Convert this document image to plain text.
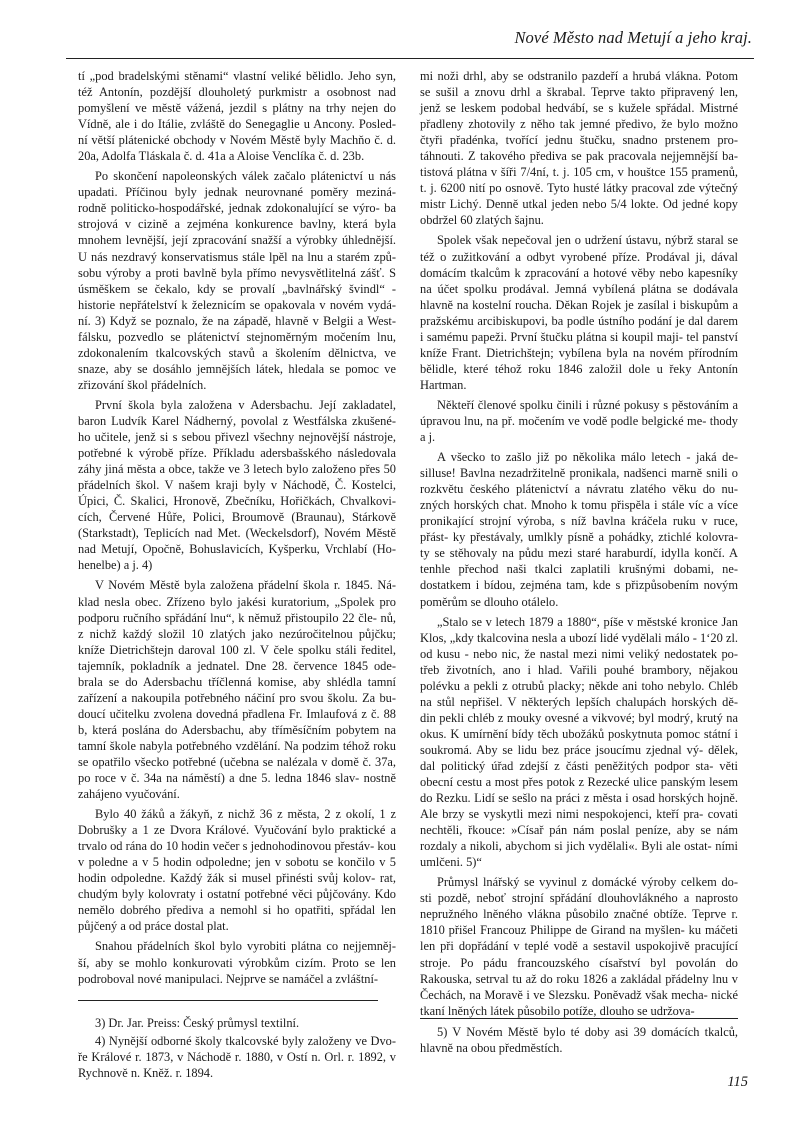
Nové Město nad Metují a jeho kraj.

tí „pod bradelskými stěnami“ vlastní veliké bělidlo. Jeho syn, též Antonín, pozdější dlouholetý purkmistr a osobnost nad pomyšlení ve městě vážená, jezdil s plátny na trhy nejen do Vídně, ale i do Itálie, zvláště do Senegaglie u Ancony. Posled- ní větší plátenické obchody v Novém Městě byly Machňo č. d. 20a, Adolfa Tláskala č. d. 41a a Aloise Venclíka č. d. 23b.

Po skončení napoleonských válek začalo plátenictví u nás upadati. Příčinou byly jednak neurovnané poměry meziná- rodně politicko-hospodářské, jednak zdokonalující se výro- ba strojová v cizině a zejména konkurence bavlny, která byla mnohem levnější, její zpracování snažší a výrobky úhlednější. U nás nezdravý konservatismus stále lpěl na lnu a starém způ- sobu výroby a proti bavlně byla přímo nevysvětlitelná zášť. S úsměškem se čekalo, kdy se provalí „bavlnářský švindl“ - historie nepřátelství k železnicím se opakovala v novém vydá- ní. 3) Když se poznalo, že na západě, hlavně v Belgii a West- fálsku, pozvedlo se plátenictví stejnoměrným močením lnu, zdokonalením tkalcovských stavů a školením dělnictva, ve snaze, aby se dosáhlo jemnějších látek, hledala se pomoc ve zřizování škol přádelních.

První škola byla založena v Adersbachu. Její zakladatel, baron Ludvík Karel Nádherný, povolal z Westfálska zkušené- ho učitele, jenž si s sebou přivezl všechny nejnovější nástroje, potřebné k výrobě příze. Příkladu adersbašského následovala záhy jiná města a obce, takže ve 3 letech bylo založeno přes 50 přádelních škol. V našem kraji byly v Náchodě, Č. Kostelci, Úpici, Č. Skalici, Hronově, Zbečníku, Hořičkách, Chvalkovi- cích, Červené Hůře, Polici, Broumově (Braunau), Stárkově (Starkstadt), Teplicích nad Met. (Weckelsdorf), Novém Městě nad Metují, Opočně, Bohuslavicích, Kyšperku, Vrchlabí (Ho- henelbe) a j. 4)

V Novém Městě byla založena přádelní škola r. 1845. Ná- klad nesla obec. Zřízeno bylo jakési kuratorium, „Spolek pro podporu ručního spřádání lnu“, k němuž přistoupilo 22 čle- nů, z nichž každý složil 10 zlatých jako nezúročitelnou půjčku; kníže Dietrichštejn daroval 100 zl. V čele spolku stáli ředitel, tajemník, pokladník a jednatel. Dne 28. července 1845 ode- brala se do Adersbachu tříčlenná komise, aby shlédla tamní zařízení a nakoupila potřebného náčiní pro svou školu. Za bu- doucí učitelku zvolena dovedná přadlena Fr. Imlaufová z č. 88 b, která poslána do Adersbachu, aby tříměsíčním pobytem na tamní škole nabyla potřebného vzdělání. Na podzim téhož roku se opatřilo všecko potřebné (učebna se nalézala v domě č. 37a, po roce v č. 34a na náměstí) a dne 5. ledna 1846 slav- nostně zahájeno vyučování.

Bylo 40 žáků a žákyň, z nichž 36 z města, 2 z okolí, 1 z Dobrušky a 1 ze Dvora Králové. Vyučování bylo praktické a trvalo od rána do 10 hodin večer s jednohodinovou přestáv- kou v poledne a v 5 hodin odpoledne; jen v sobotu se končilo v 5 hodin odpoledne. Každý žák si musel přinésti svůj kolov- rat, chudým byly kolovraty i ostatní potřebné věci půjčovány. Kdo nemělo dobrého přediva a nemohl si ho opatřiti, spřádal len půjčený a od práce dostal plat.

Snahou přádelních škol bylo vyrobiti plátna co nejjemněj- ší, aby se mohlo konkurovati výrobkům cizím. Proto se len podroboval nové manipulaci. Nejprve se namáčel a zvláštní-

mi noži drhl, aby se odstranilo pazdeří a hrubá vlákna. Potom se sušil a znovu drhl a škrabal. Teprve takto připravený len, jenž se leskem podobal hedvábí, se s kužele spřádal. Mistrné přadleny zhotovily z něho tak jemné předivo, že bylo možno čtyři přadénka, tvořící jednu štučku, snadno prstenem pro- táhnouti. Z takového přediva se pak pracovala nejjemnější ba- tistová plátna v šíři 7/4ní, t. j. 105 cm, v houštce 155 pramenů, t. j. 6200 nití po osnově. Tyto husté látky pracoval zde výtečný mistr Lichý. Denně utkal jeden nebo 5/4 lokte. Od jedné kopy obdržel 60 zlatých šajnu.

Spolek však nepečoval jen o udržení ústavu, nýbrž staral se též o zužitkování a odbyt vyrobené příze. Prodával ji, dával domácím tkalcům k zpracování a hotové věby nebo kapesníky na účet spolku prodával. Jemná vybílená plátna se dodávala hlavně na kostelní roucha. Děkan Rojek je zasílal i biskupům a pražskému arcibiskupovi, ba podle ústního podání je dal darem i samému papeži. První štučku plátna si koupil maji- tel panství kníže Frant. Dietrichštejn; vybílena byla na novém přírodním bělidle, které téhož roku 1846 založil dole u řeky Antonín Hartman.

Někteří členové spolku činili i různé pokusy s pěstováním a úpravou lnu, na př. močením ve vodě podle belgické me- thody a j.

A všecko to zašlo již po několika málo letech - jaká de- silluse! Bavlna nezadržitelně pronikala, nadšenci marně snili o rozkvětu českého plátenictví a návratu zlatého věku do nu- zných horských chat. Mnoho k tomu přispěla i stále víc a více pronikající strojní výroba, s níž bavlna kráčela ruku v ruce, přást- ky přestávaly, umlkly písně a pohádky, ztichlé kolovra- ty se stěhovaly na půdu mezi staré haraburdí, idylla končí. A tenhle přechod naši tkalci zaplatili krušnými dobami, ne- dostatkem i bídou, zejména tam, kde s přizpůsobením novým poměrům se dlouho otálelo.

„Stalo se v letech 1879 a 1880“, píše v městské kronice Jan Klos, „kdy tkalcovina nesla a ubozí lidé vydělali málo - 1‘20 zl. od kusu - nebo nic, že nastal mezi nimi veliký nedostatek po- třeb životních, ano i hlad. Vařili pouhé brambory, nějakou polévku a pekli z otrubů placky; někde ani toho nebylo. Chléb na stůl nepřišel. V některých lepších chalupách horských dě- din pekli chléb z mouky ovesné a vikvové; byl modrý, krutý na okus. K umírnění bídy těch ubožáků poskytnuta pomoc státní i soukromá. Aby se lidu bez práce jsoucímu zjednal vý- dělek, dal politický úřad zdejší z části peněžitých podpor sta- věti obecní cestu a most přes potok z Rezecké ulice panským lesem do Rezku. Lidí se sešlo na práci z města i osad horských hojně. Ale brzy se vyskytli mezi nimi nespokojenci, kteří pra- covati nechtěli, řkouce: »Císař pán nám poslal peníze, aby se nám rozdaly a nikoli, abychom si jich vydělali«. Byli ale ostat- ními umlčeni. 5)“

Průmysl lnářský se vyvinul z domácké výroby celkem do- sti pozdě, neboť strojní spřádání dlouhovlákného a naprosto nepružného lněného vlákna působilo značné obtíže. Teprve r. 1810 přišel Francouz Philippe de Girand na myšlen- ku máčeti len při dopřádání v teplé vodě a sestavil uspokojivě pracující stroje. Po pádu francouzského císařství byl povolán do Rakouska, setrval tu až do roku 1826 a zakládal přádelny lnu v Čechách, na Moravě i ve Slezsku. Poněvadž však mecha- nické tkaní lněných látek působilo potíže, dlouho se udržova-

3) Dr. Jar. Preiss: Český průmysl textilní.

4) Nynější odborné školy tkalcovské byly založeny ve Dvo- ře Králové r. 1873, v Náchodě r. 1880, v Ostí n. Orl. r. 1892, v Rychnově n. Kněž. r. 1894.

5) V Novém Městě bylo té doby asi 39 domácích tkalců, hlavně na obou předměstích.

115
